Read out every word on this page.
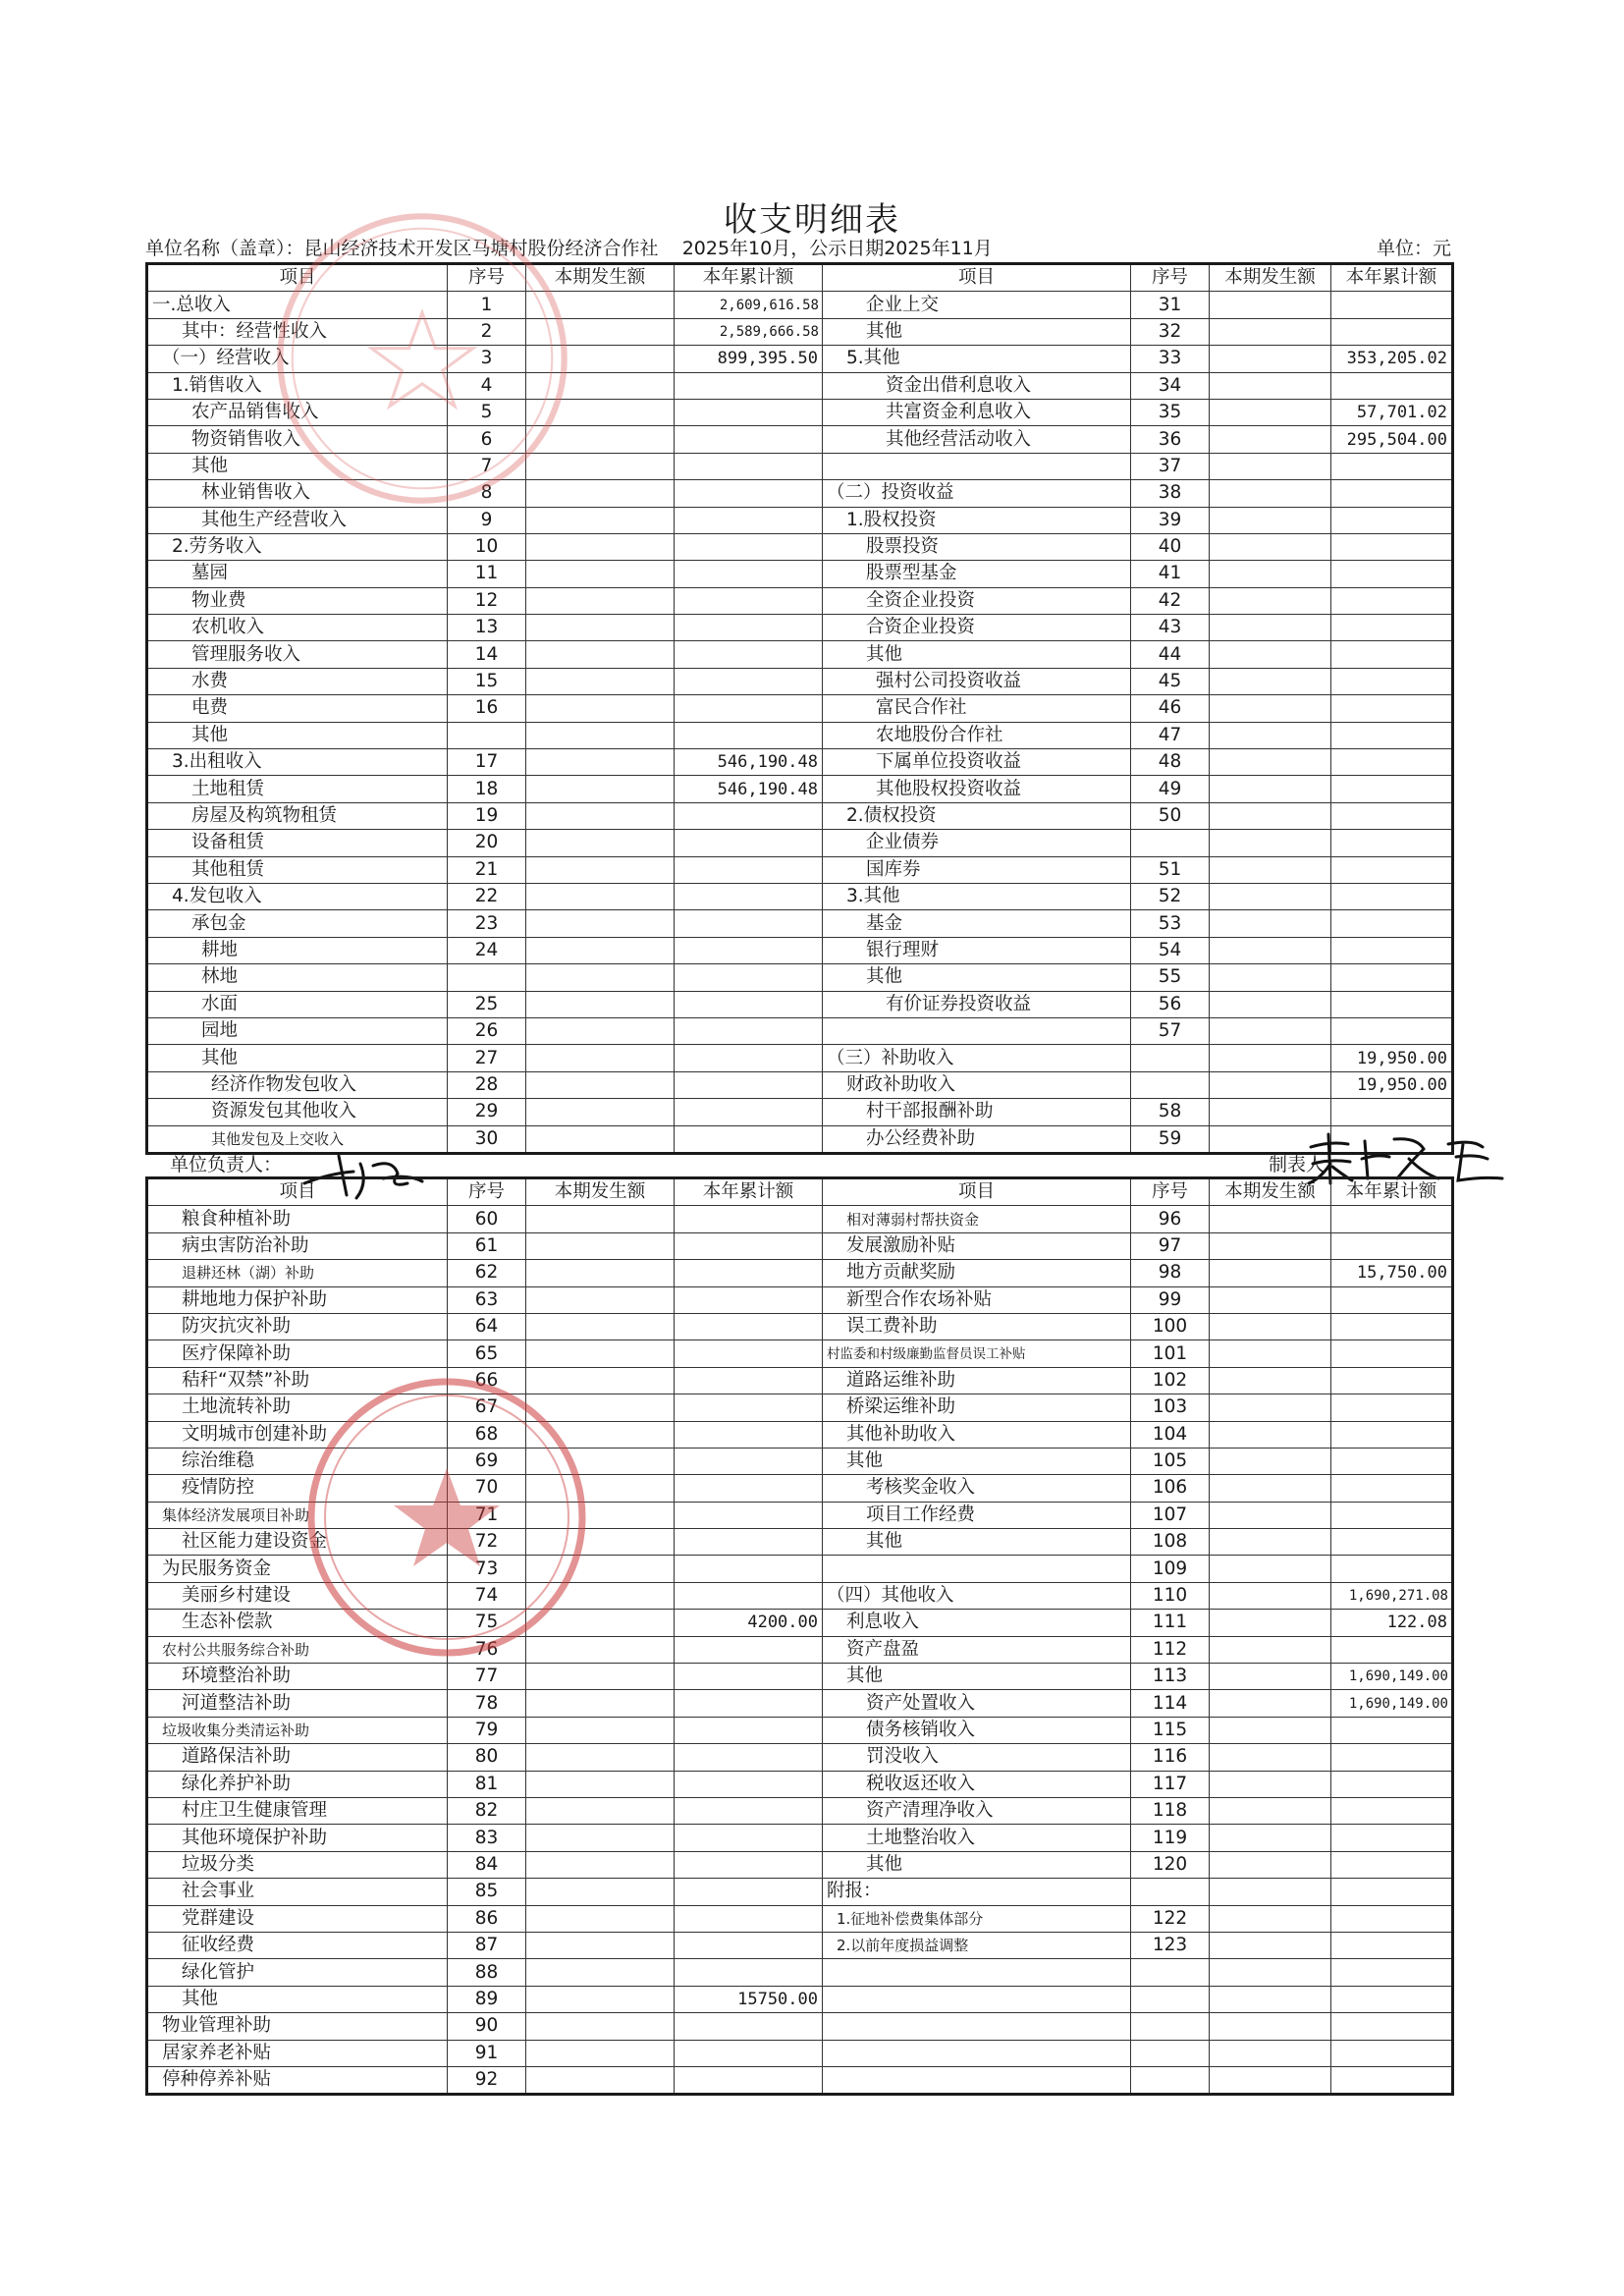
收支明细表
单位名称（盖章）：昆山经济技术开发区马塘村股份经济合作社 2025年10月，公示日期2025年11月	单位：元
项目	序号	本期发生额	本年累计额	项目	序号	本期发生额	本年累计额
一.总收入	1		2,609,616.58	企业上交	31		
其中：经营性收入	2		2,589,666.58	其他	32		
（一）经营收入	3		899,395.50	5.其他	33		353,205.02
1.销售收入	4			资金出借利息收入	34		
农产品销售收入	5			共富资金利息收入	35		57,701.02
物资销售收入	6			其他经营活动收入	36		295,504.00
其他	7				37		
林业销售收入	8			（二）投资收益	38		
其他生产经营收入	9			1.股权投资	39		
2.劳务收入	10			股票投资	40		
墓园	11			股票型基金	41		
物业费	12			全资企业投资	42		
农机收入	13			合资企业投资	43		
管理服务收入	14			其他	44		
水费	15			强村公司投资收益	45		
电费	16			富民合作社	46		
其他				农地股份合作社	47		
3.出租收入	17		546,190.48	下属单位投资收益	48		
土地租赁	18		546,190.48	其他股权投资收益	49		
房屋及构筑物租赁	19			2.债权投资	50		
设备租赁	20			企业债券			
其他租赁	21			国库券	51		
4.发包收入	22			3.其他	52		
承包金	23			基金	53		
耕地	24			银行理财	54		
林地				其他	55		
水面	25			有价证券投资收益	56		
园地	26				57		
其他	27			（三）补助收入			19,950.00
经济作物发包收入	28			财政补助收入			19,950.00
资源发包其他收入	29			村干部报酬补助	58		
其他发包及上交收入	30			办公经费补助	59		
单位负责人：	制表人：
项目	序号	本期发生额	本年累计额	项目	序号	本期发生额	本年累计额
粮食种植补助	60			相对薄弱村帮扶资金	96		
病虫害防治补助	61			发展激励补贴	97		
退耕还林（湖）补助	62			地方贡献奖励	98		15,750.00
耕地地力保护补助	63			新型合作农场补贴	99		
防灾抗灾补助	64			误工费补助	100		
医疗保障补助	65			村监委和村级廉勤监督员误工补贴	101		
秸秆“双禁”补助	66			道路运维补助	102		
土地流转补助	67			桥梁运维补助	103		
文明城市创建补助	68			其他补助收入	104		
综治维稳	69			其他	105		
疫情防控	70			考核奖金收入	106		
集体经济发展项目补助	71			项目工作经费	107		
社区能力建设资金	72			其他	108		
为民服务资金	73				109		
美丽乡村建设	74			（四）其他收入	110		1,690,271.08
生态补偿款	75		4200.00	利息收入	111		122.08
农村公共服务综合补助	76			资产盘盈	112		
环境整治补助	77			其他	113		1,690,149.00
河道整洁补助	78			资产处置收入	114		1,690,149.00
垃圾收集分类清运补助	79			债务核销收入	115		
道路保洁补助	80			罚没收入	116		
绿化养护补助	81			税收返还收入	117		
村庄卫生健康管理	82			资产清理净收入	118		
其他环境保护补助	83			土地整治收入	119		
垃圾分类	84			其他	120		
社会事业	85			附报：			
党群建设	86			1.征地补偿费集体部分	122		
征收经费	87			2.以前年度损益调整	123		
绿化管护	88						
其他	89		15750.00				
物业管理补助	90						
居家养老补贴	91						
停种停养补贴	92						
